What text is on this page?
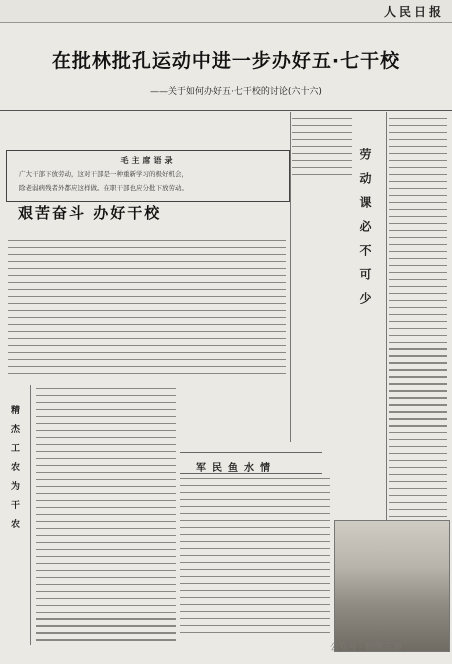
人民日报
在批林批孔运动中进一步办好五·七干校
——关于如何办好五·七干校的讨论(六十六)
毛主席语录
广大干部下放劳动，这对干部是一种重新学习的极好机会，
除老弱病残者外都应这样做。在职干部也应分批下放劳动。
艰苦奋斗 办好干校	劳动课必不可少
精杰工农为干农	军民鱼水情
公众号 · 鲲鹏击浪
